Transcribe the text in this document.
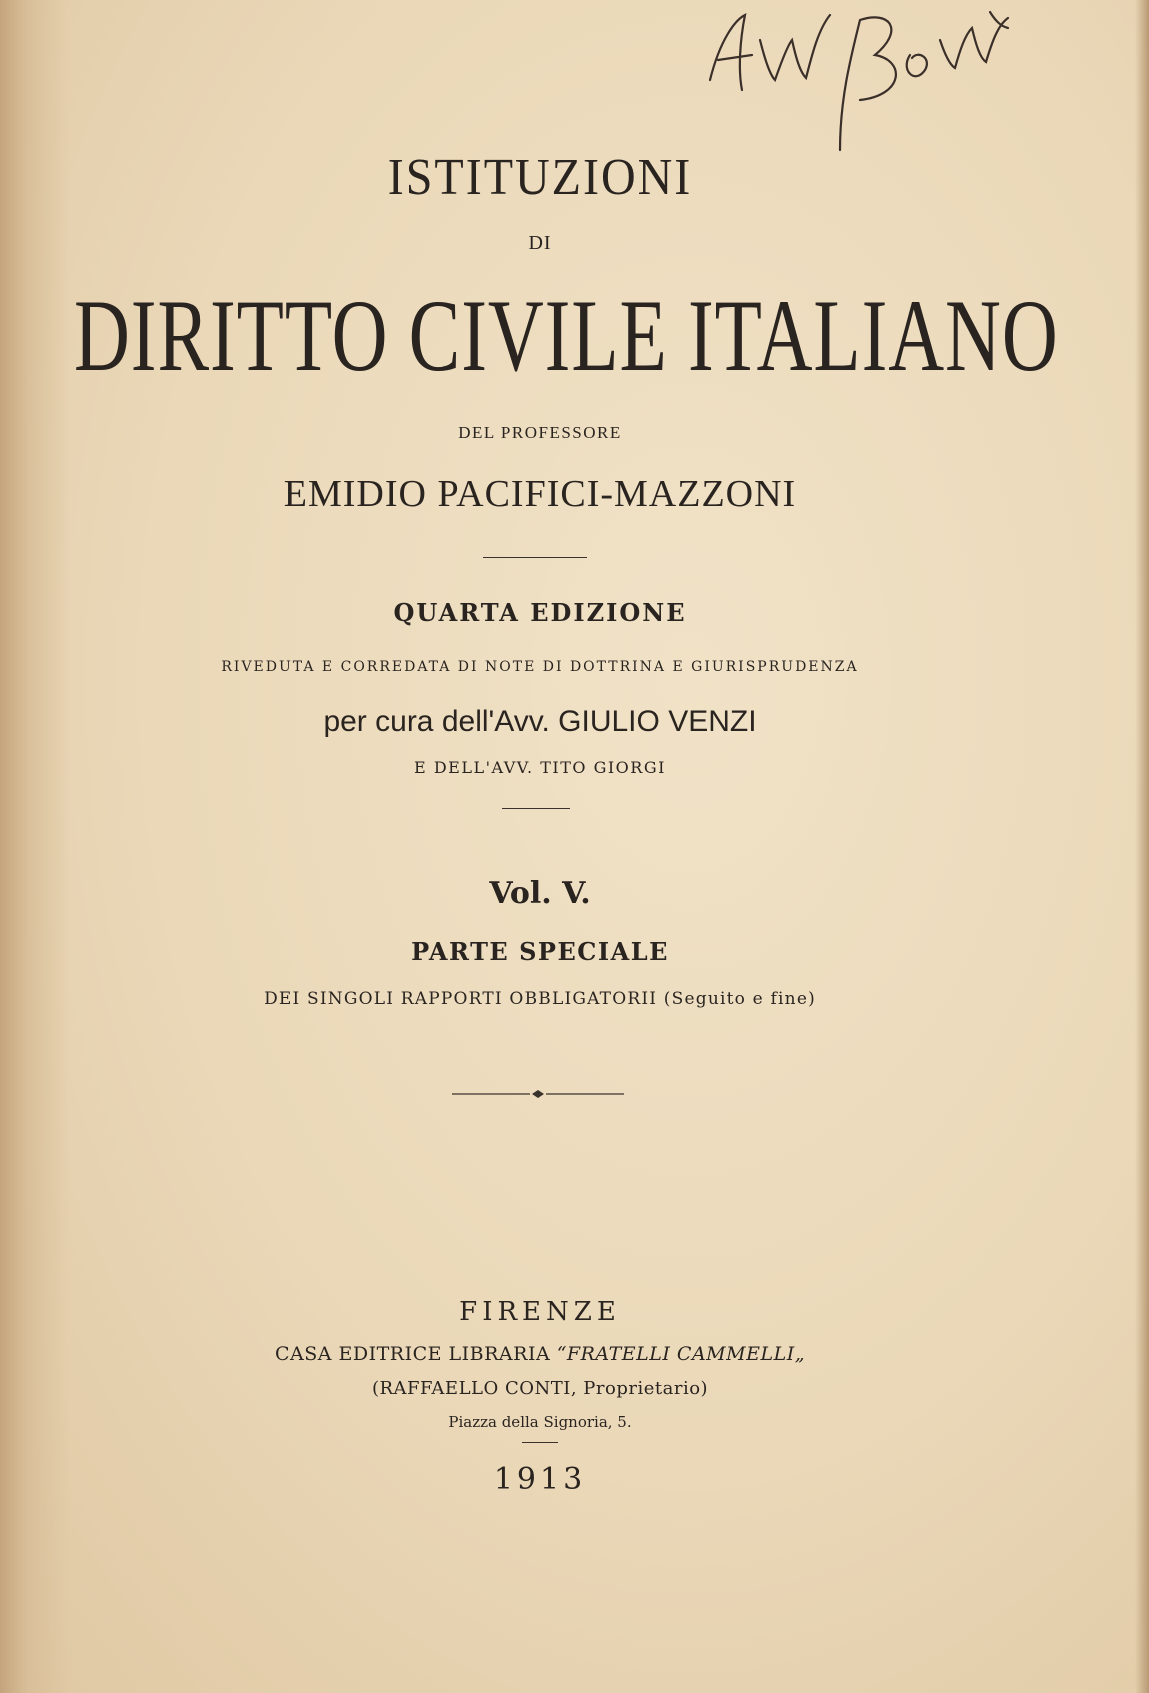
Av Bow

ISTITUZIONI

DI

DIRITTO CIVILE ITALIANO

DEL PROFESSORE

EMIDIO PACIFICI-MAZZONI

QUARTA EDIZIONE

RIVEDUTA E CORREDATA DI NOTE DI DOTTRINA E GIURISPRUDENZA

per cura dell'Avv. GIULIO VENZI

E DELL'AVV. TITO GIORGI

Vol. V.

PARTE SPECIALE

DEI SINGOLI RAPPORTI OBBLIGATORII (Seguito e fine)

FIRENZE

CASA EDITRICE LIBRARIA “FRATELLI CAMMELLI„

(RAFFAELLO CONTI, Proprietario)

Piazza della Signoria, 5.

1913
